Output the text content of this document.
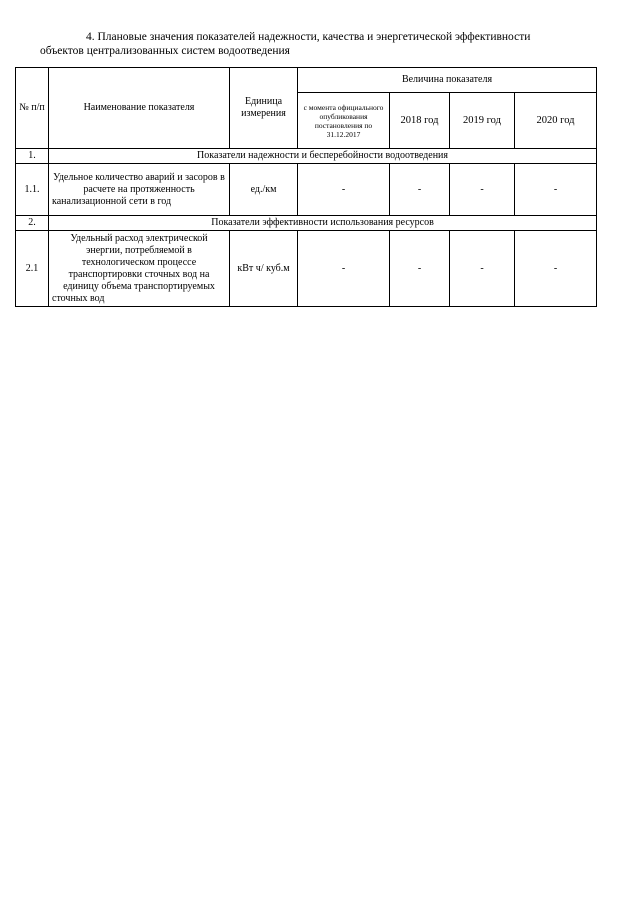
4. Плановые значения показателей надежности, качества и энергетической эффективности
объектов централизованных систем водоотведения
№ п/п	Наименование показателя	Единица измерения	Величина показателя			
			с момента официального опубликования постановления по 31.12.2017	2018 год	2019 год	2020 год
1.	Показатели надежности и бесперебойности водоотведения					
1.1.	Удельное количество аварий и засоров в расчете на протяженность канализационной сети в год	ед./км	-	-	-	-
2.	Показатели эффективности использования ресурсов					
2.1	Удельный расход электрической энергии, потребляемой в технологическом процессе транспортировки сточных вод на единицу объема транспортируемых сточных вод	кВт ч/ куб.м	-	-	-	-
